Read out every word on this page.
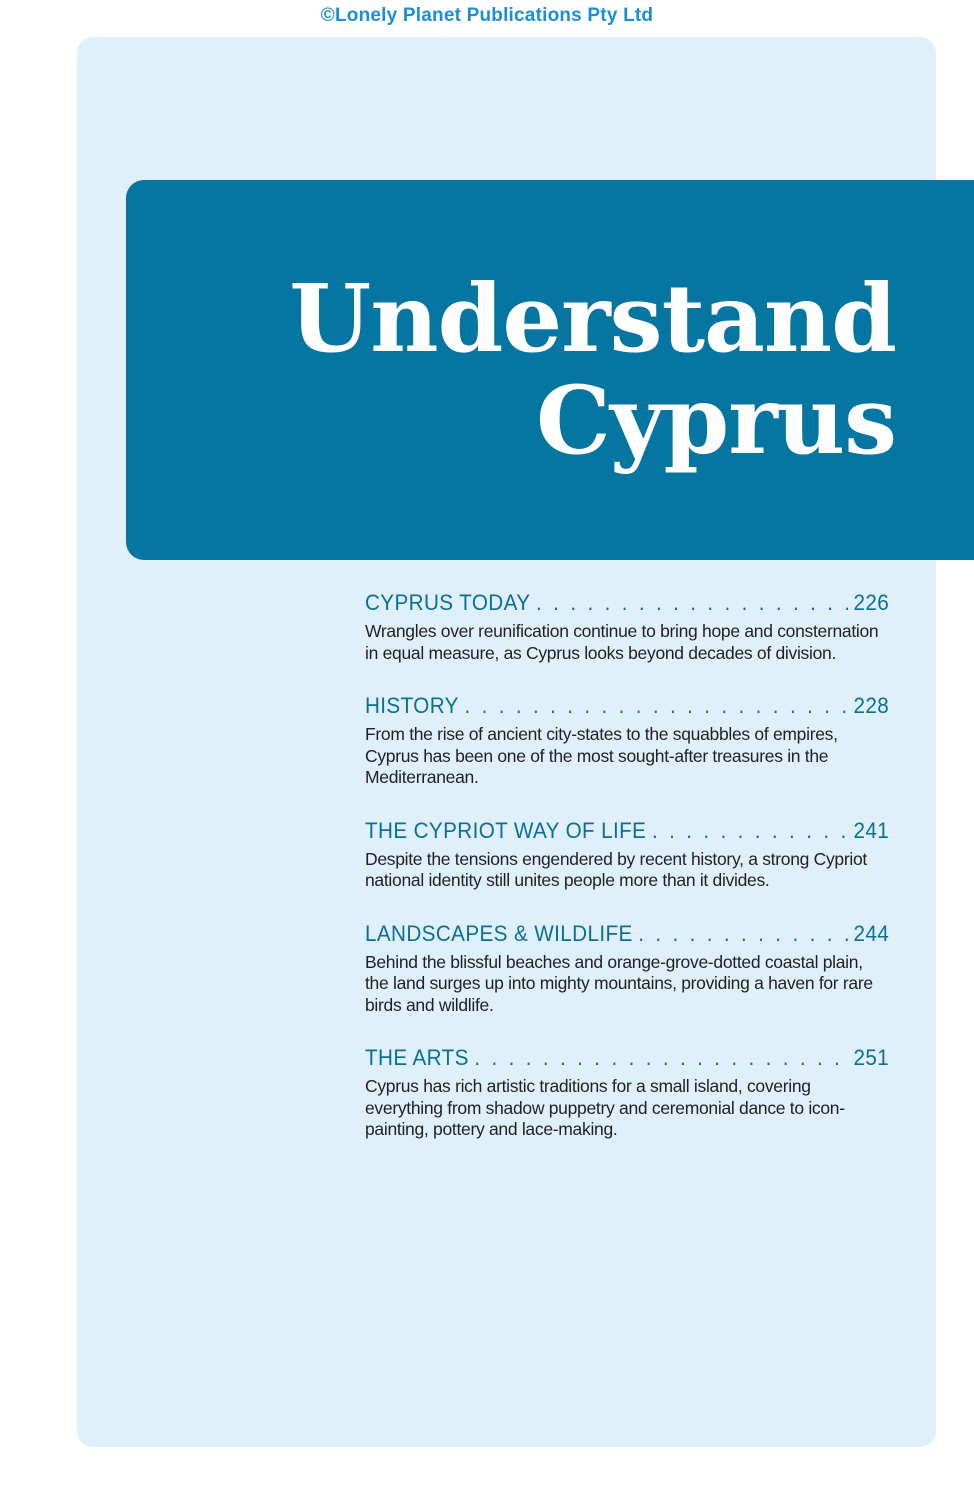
©Lonely Planet Publications Pty Ltd
Understand
Cyprus
CYPRUS TODAY . . .	226
Wrangles over reunification continue to bring hope and consternation in equal measure, as Cyprus looks beyond decades of division.
HISTORY . . .	228
From the rise of ancient city-states to the squabbles of empires, Cyprus has been one of the most sought-after treasures in the Mediterranean.
THE CYPRIOT WAY OF LIFE . . .	241
Despite the tensions engendered by recent history, a strong Cypriot national identity still unites people more than it divides.
LANDSCAPES & WILDLIFE . . .	244
Behind the blissful beaches and orange-grove-dotted coastal plain, the land surges up into mighty mountains, providing a haven for rare birds and wildlife.
THE ARTS . . .	251
Cyprus has rich artistic traditions for a small island, covering everything from shadow puppetry and ceremonial dance to icon-painting, pottery and lace-making.
